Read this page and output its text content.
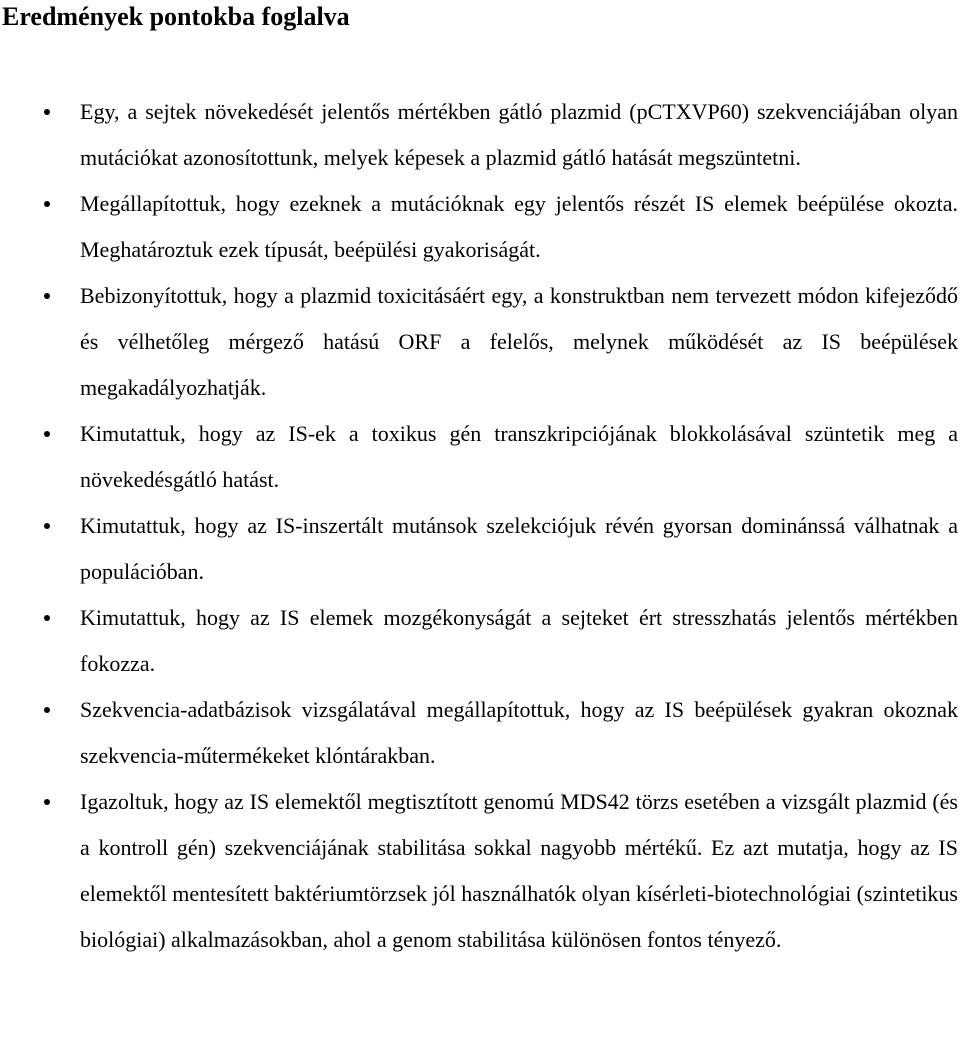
Eredmények pontokba foglalva
Egy, a sejtek növekedését jelentős mértékben gátló plazmid (pCTXVP60) szekvenciájában olyan mutációkat azonosítottunk, melyek képesek a plazmid gátló hatását megszüntetni.
Megállapítottuk, hogy ezeknek a mutációknak egy jelentős részét IS elemek beépülése okozta. Meghatároztuk ezek típusát, beépülési gyakoriságát.
Bebizonyítottuk, hogy a plazmid toxicitásáért egy, a konstruktban nem tervezett módon kifejeződő és vélhetőleg mérgező hatású ORF a felelős, melynek működését az IS beépülések megakadályozhatják.
Kimutattuk, hogy az IS-ek a toxikus gén transzkripciójának blokkolásával szüntetik meg a növekedésgátló hatást.
Kimutattuk, hogy az IS-inszertált mutánsok szelekciójuk révén gyorsan dominánssá válhatnak a populációban.
Kimutattuk, hogy az IS elemek mozgékonyságát a sejteket ért stresszhatás jelentős mértékben fokozza.
Szekvencia-adatbázisok vizsgálatával megállapítottuk, hogy az IS beépülések gyakran okoznak szekvencia-műtermékeket klóntárakban.
Igazoltuk, hogy az IS elemektől megtisztított genomú MDS42 törzs esetében a vizsgált plazmid (és a kontroll gén) szekvenciájának stabilitása sokkal nagyobb mértékű. Ez azt mutatja, hogy az IS elemektől mentesített baktériumtörzsek jól használhatók olyan kísérleti-biotechnológiai (szintetikus biológiai) alkalmazásokban, ahol a genom stabilitása különösen fontos tényező.
